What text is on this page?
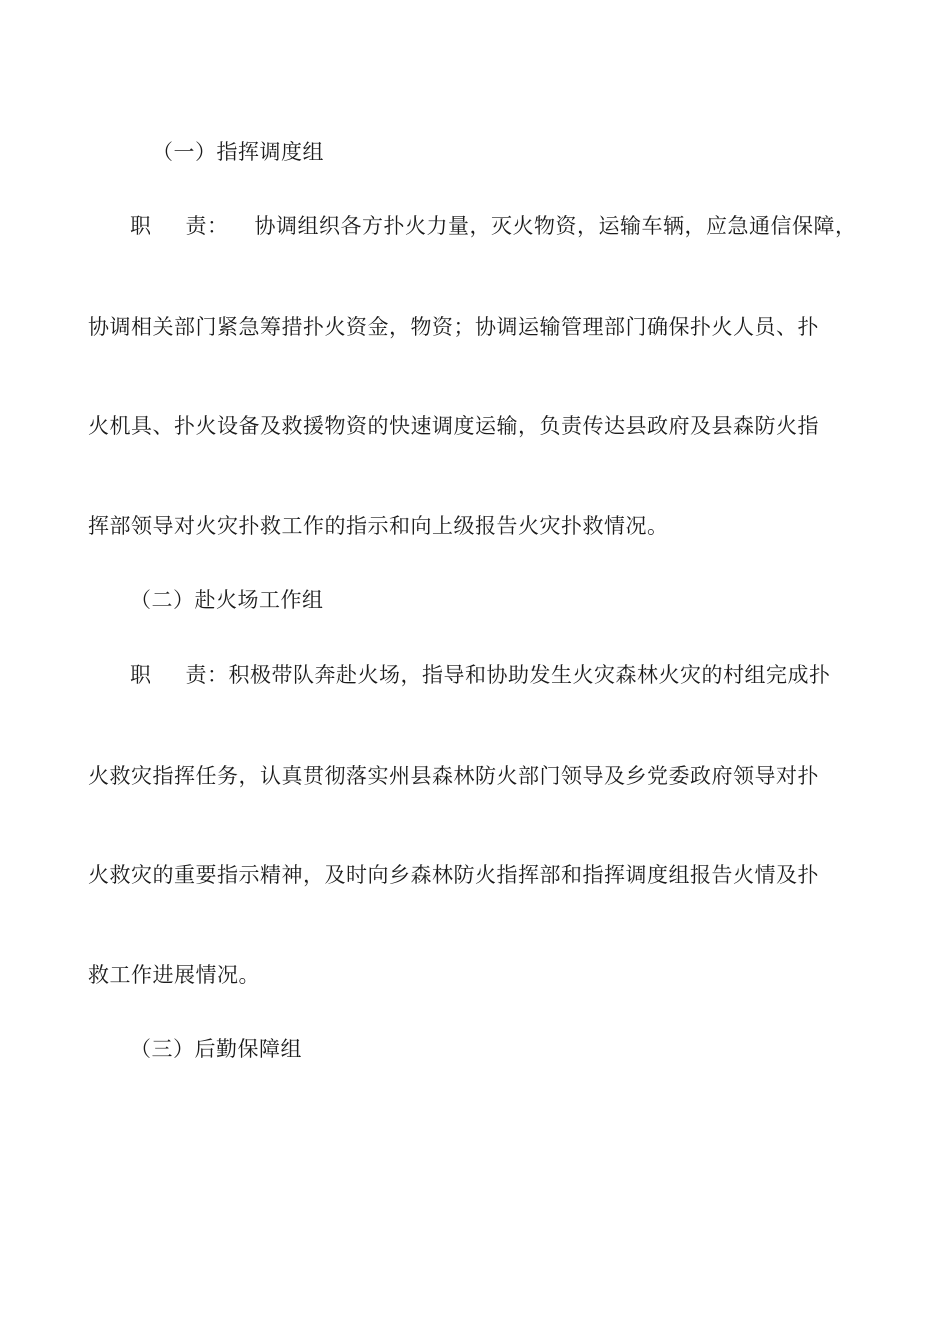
（一）指挥调度组
职 责： 协调组织各方扑火力量，灭火物资，运输车辆，应急通信保障，
协调相关部门紧急筹措扑火资金，物资；协调运输管理部门确保扑火人员、扑
火机具、扑火设备及救援物资的快速调度运输，负责传达县政府及县森防火指
挥部领导对火灾扑救工作的指示和向上级报告火灾扑救情况。
（二）赴火场工作组
职 责：积极带队奔赴火场，指导和协助发生火灾森林火灾的村组完成扑
火救灾指挥任务，认真贯彻落实州县森林防火部门领导及乡党委政府领导对扑
火救灾的重要指示精神，及时向乡森林防火指挥部和指挥调度组报告火情及扑
救工作进展情况。
（三）后勤保障组
